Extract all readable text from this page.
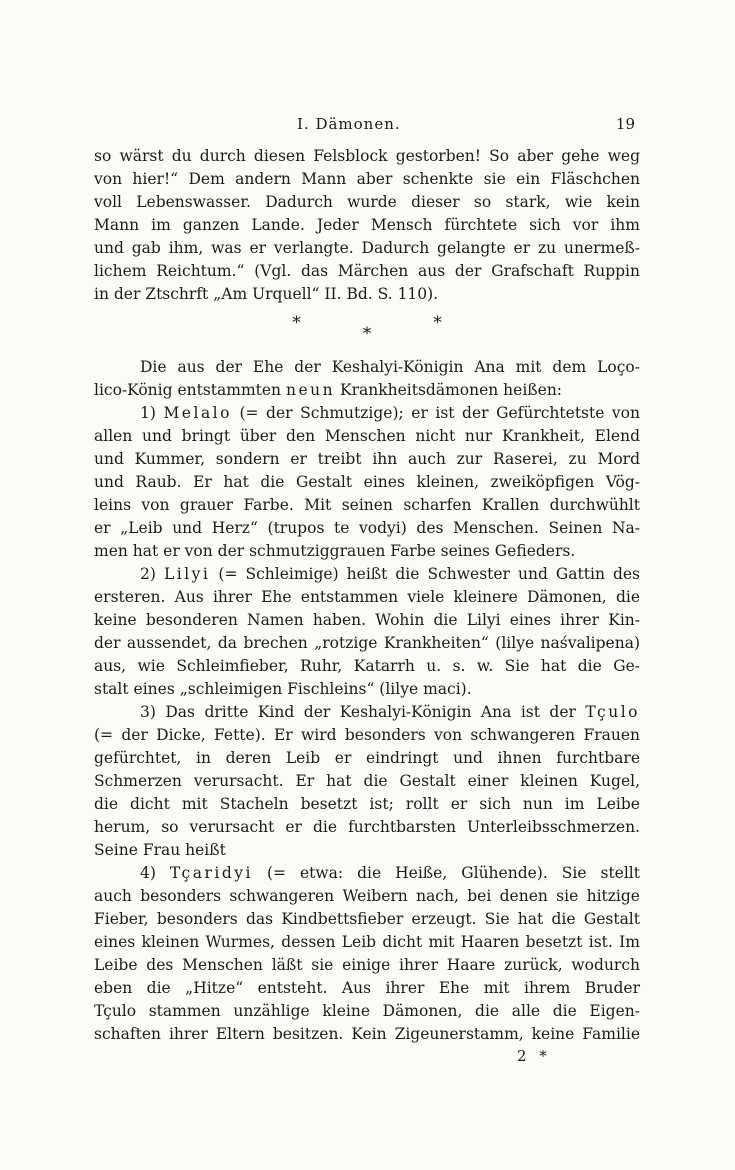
I. Dämonen.	19
so wärst du durch diesen Felsblock gestorben! So aber gehe weg
von hier!“ Dem andern Mann aber schenkte sie ein Fläschchen
voll Lebenswasser. Dadurch wurde dieser so stark, wie kein
Mann im ganzen Lande. Jeder Mensch fürchtete sich vor ihm
und gab ihm, was er verlangte. Dadurch gelangte er zu unermeß-
lichem Reichtum.“ (Vgl. das Märchen aus der Grafschaft Ruppin
in der Ztschrft „Am Urquell“ II. Bd. S. 110).
*
*
*
Die aus der Ehe der Keshalyi-Königin Ana mit dem Loço-
lico-König entstammten neun Krankheitsdämonen heißen:
1) Melalo (= der Schmutzige); er ist der Gefürchtetste von
allen und bringt über den Menschen nicht nur Krankheit, Elend
und Kummer, sondern er treibt ihn auch zur Raserei, zu Mord
und Raub. Er hat die Gestalt eines kleinen, zweiköpfigen Vög-
leins von grauer Farbe. Mit seinen scharfen Krallen durchwühlt
er „Leib und Herz“ (trupos te vodyi) des Menschen. Seinen Na-
men hat er von der schmutziggrauen Farbe seines Gefieders.
2) Lilyi (= Schleimige) heißt die Schwester und Gattin des
ersteren. Aus ihrer Ehe entstammen viele kleinere Dämonen, die
keine besonderen Namen haben. Wohin die Lilyi eines ihrer Kin-
der aussendet, da brechen „rotzige Krankheiten“ (lilye naśvalipena)
aus, wie Schleimfieber, Ruhr, Katarrh u. s. w. Sie hat die Ge-
stalt eines „schleimigen Fischleins“ (lilye maci).
3) Das dritte Kind der Keshalyi-Königin Ana ist der Tçulo
(= der Dicke, Fette). Er wird besonders von schwangeren Frauen
gefürchtet, in deren Leib er eindringt und ihnen furchtbare
Schmerzen verursacht. Er hat die Gestalt einer kleinen Kugel,
die dicht mit Stacheln besetzt ist; rollt er sich nun im Leibe
herum, so verursacht er die furchtbarsten Unterleibsschmerzen.
Seine Frau heißt
4) Tçaridyi (= etwa: die Heiße, Glühende). Sie stellt
auch besonders schwangeren Weibern nach, bei denen sie hitzige
Fieber, besonders das Kindbettsfieber erzeugt. Sie hat die Gestalt
eines kleinen Wurmes, dessen Leib dicht mit Haaren besetzt ist. Im
Leibe des Menschen läßt sie einige ihrer Haare zurück, wodurch
eben die „Hitze“ entsteht. Aus ihrer Ehe mit ihrem Bruder
Tçulo stammen unzählige kleine Dämonen, die alle die Eigen-
schaften ihrer Eltern besitzen. Kein Zigeunerstamm, keine Familie
2 *
